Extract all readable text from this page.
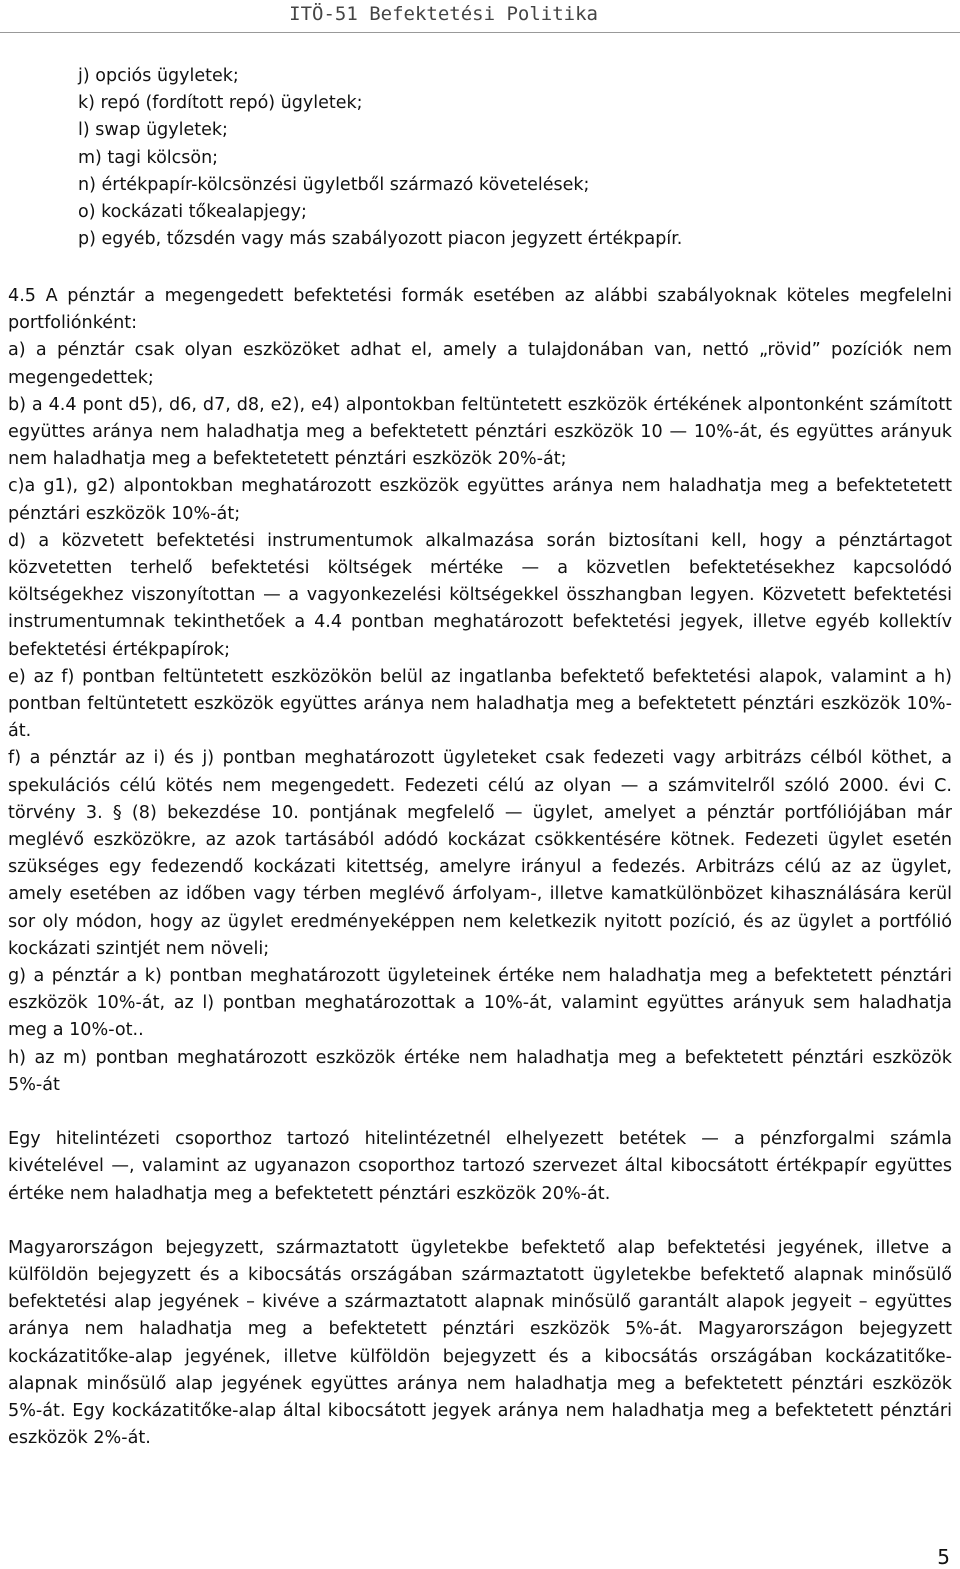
ITÖ-51 Befektetési Politika
j) opciós ügyletek;
k) repó (fordított repó) ügyletek;
l) swap ügyletek;
m) tagi kölcsön;
n) értékpapír-kölcsönzési ügyletből származó követelések;
o) kockázati tőkealapjegy;
p) egyéb, tőzsdén vagy más szabályozott piacon jegyzett értékpapír.

4.5 A pénztár a megengedett befektetési formák esetében az alábbi szabályoknak köteles megfelelni portfoliónként:

a) a pénztár csak olyan eszközöket adhat el, amely a tulajdonában van, nettó „rövid” pozíciók nem megengedettek;

b) a 4.4 pont d5), d6, d7, d8, e2), e4) alpontokban feltüntetett eszközök értékének alpontonként számított együttes aránya nem haladhatja meg a befektetett pénztári eszközök 10 — 10%-át, és együttes arányuk nem haladhatja meg a befektetetett pénztári eszközök 20%-át;

c)a g1), g2) alpontokban meghatározott eszközök együttes aránya nem haladhatja meg a befektetetett pénztári eszközök 10%-át;

d) a közvetett befektetési instrumentumok alkalmazása során biztosítani kell, hogy a pénztártagot közvetetten terhelő befektetési költségek mértéke — a közvetlen befektetésekhez kapcsolódó költségekhez viszonyítottan — a vagyonkezelési költségekkel összhangban legyen. Közvetett befektetési instrumentumnak tekinthetőek a 4.4 pontban meghatározott befektetési jegyek, illetve egyéb kollektív befektetési értékpapírok;

e) az f) pontban feltüntetett eszközökön belül az ingatlanba befektető befektetési alapok, valamint a h) pontban feltüntetett eszközök együttes aránya nem haladhatja meg a befektetett pénztári eszközök 10%-át.

f) a pénztár az i) és j) pontban meghatározott ügyleteket csak fedezeti vagy arbitrázs célból köthet, a spekulációs célú kötés nem megengedett. Fedezeti célú az olyan — a számvitelről szóló 2000. évi C. törvény 3. § (8) bekezdése 10. pontjának megfelelő — ügylet, amelyet a pénztár portfóliójában már meglévő eszközökre, az azok tartásából adódó kockázat csökkentésére kötnek. Fedezeti ügylet esetén szükséges egy fedezendő kockázati kitettség, amelyre irányul a fedezés. Arbitrázs célú az az ügylet, amely esetében az időben vagy térben meglévő árfolyam-, illetve kamatkülönbözet kihasználására kerül sor oly módon, hogy az ügylet eredményeképpen nem keletkezik nyitott pozíció, és az ügylet a portfólió kockázati szintjét nem növeli;

g) a pénztár a k) pontban meghatározott ügyleteinek értéke nem haladhatja meg a befektetett pénztári eszközök 10%-át, az l) pontban meghatározottak a 10%-át, valamint együttes arányuk sem haladhatja meg a 10%-ot..

h) az m) pontban meghatározott eszközök értéke nem haladhatja meg a befektetett pénztári eszközök 5%-át

Egy hitelintézeti csoporthoz tartozó hitelintézetnél elhelyezett betétek — a pénzforgalmi számla kivételével —, valamint az ugyanazon csoporthoz tartozó szervezet által kibocsátott értékpapír együttes értéke nem haladhatja meg a befektetett pénztári eszközök 20%-át.

Magyarországon bejegyzett, származtatott ügyletekbe befektető alap befektetési jegyének, illetve a külföldön bejegyzett és a kibocsátás országában származtatott ügyletekbe befektető alapnak minősülő befektetési alap jegyének – kivéve a származtatott alapnak minősülő garantált alapok jegyeit – együttes aránya nem haladhatja meg a befektetett pénztári eszközök 5%-át. Magyarországon bejegyzett kockázatitőke-alap jegyének, illetve külföldön bejegyzett és a kibocsátás országában kockázatitőke-alapnak minősülő alap jegyének együttes aránya nem haladhatja meg a befektetett pénztári eszközök 5%-át. Egy kockázatitőke-alap által kibocsátott jegyek aránya nem haladhatja meg a befektetett pénztári eszközök 2%-át.

5
